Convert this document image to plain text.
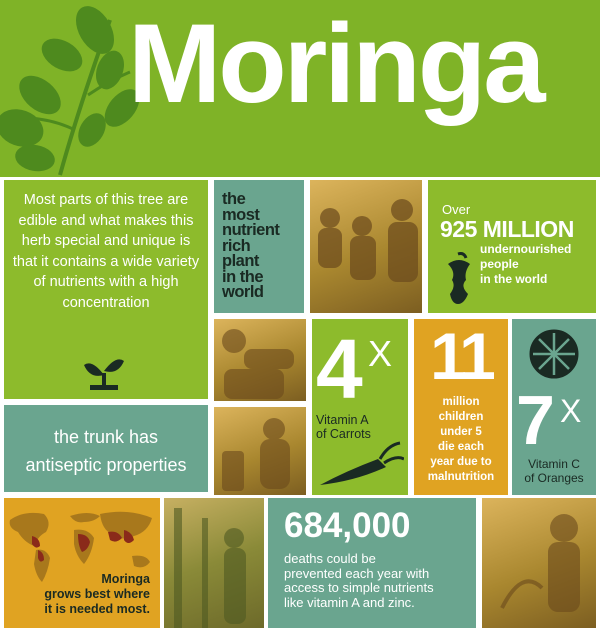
Moringa
Most parts of this tree are edible and what makes this herb special and unique is that it contains a wide variety of nutrients with a high concentration
the
most
nutrient
rich
plant
in the
world
Over
925 MILLION
undernourished
people
in the world
the trunk has
antiseptic properties
4 X
Vitamin A
of Carrots
11
million
children
under 5
die each
year due to
malnutrition
7 X
Vitamin C
of Oranges
Moringa
grows best where
it is needed most.
684,000
deaths could be
prevented each year with
access to simple nutrients
like vitamin A and zinc.
